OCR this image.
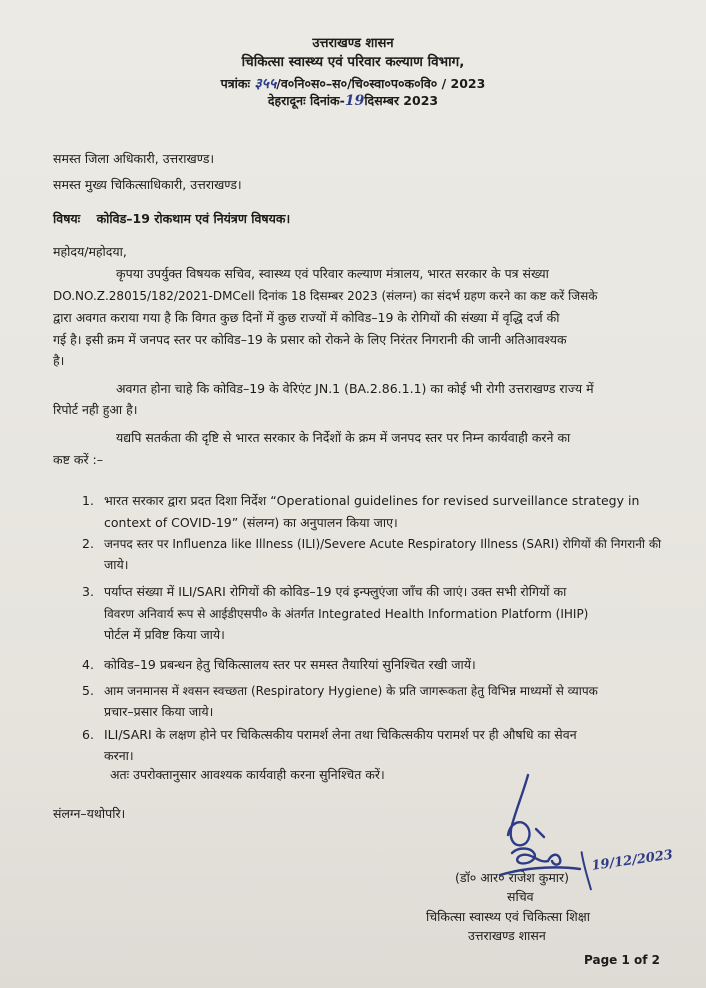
उत्तराखण्ड शासन
चिकित्सा स्वास्थ्य एवं परिवार कल्याण विभाग,
पत्रांकः ३५५/व०नि०स०–स०/चि०स्वा०प०क०वि० / 2023
देहरादूनः दिनांक-19दिसम्बर 2023
समस्त जिला अधिकारी, उत्तराखण्ड।
समस्त मुख्य चिकित्साधिकारी, उत्तराखण्ड।
विषयः कोविड–19 रोकथाम एवं नियंत्रण विषयक।
महोदय/महोदया,
कृपया उपर्युक्त विषयक सचिव, स्वास्थ्य एवं परिवार कल्याण मंत्रालय, भारत सरकार के पत्र संख्या
DO.NO.Z.28015/182/2021-DMCell दिनांक 18 दिसम्बर 2023 (संलग्न) का संदर्भ ग्रहण करने का कष्ट करें जिसके
द्वारा अवगत कराया गया है कि विगत कुछ दिनों में कुछ राज्यों में कोविड–19 के रोगियों की संख्या में वृद्धि दर्ज की
गई है। इसी क्रम में जनपद स्तर पर कोविड–19 के प्रसार को रोकने के लिए निरंतर निगरानी की जानी अतिआवश्यक
है।
अवगत होना चाहे कि कोविड–19 के वेरिएंट JN.1 (BA.2.86.1.1) का कोई भी रोगी उत्तराखण्ड राज्य में
रिपोर्ट नही हुआ है।
यद्यपि सतर्कता की दृष्टि से भारत सरकार के निर्देशों के क्रम में जनपद स्तर पर निम्न कार्यवाही करने का
कष्ट करें :–
1. भारत सरकार द्वारा प्रदत दिशा निर्देश “Operational guidelines for revised surveillance strategy in
context of COVID-19” (संलग्न) का अनुपालन किया जाए।
2. जनपद स्तर पर Influenza like Illness (ILI)/Severe Acute Respiratory Illness (SARI) रोगियों की निगरानी की
जाये।
3. पर्याप्त संख्या में ILI/SARI रोगियों की कोविड–19 एवं इन्फ्लुएंजा जाँच की जाएं। उक्त सभी रोगियों का
विवरण अनिवार्य रूप से आईडीएसपी० के अंतर्गत Integrated Health Information Platform (IHIP)
पोर्टल में प्रविष्ट किया जाये।
4. कोविड–19 प्रबन्धन हेतु चिकित्सालय स्तर पर समस्त तैयारियां सुनिश्चित रखी जायें।
5. आम जनमानस में श्वसन स्वच्छता (Respiratory Hygiene) के प्रति जागरूकता हेतु विभिन्न माध्यमों से व्यापक
प्रचार–प्रसार किया जाये।
6. ILI/SARI के लक्षण होने पर चिकित्सकीय परामर्श लेना तथा चिकित्सकीय परामर्श पर ही औषधि का सेवन
करना।
अतः उपरोक्तानुसार आवश्यक कार्यवाही करना सुनिश्चित करें।
संलग्न–यथोपरि।
(डॉ० आर० राजेश कुमार)
सचिव
चिकित्सा स्वास्थ्य एवं चिकित्सा शिक्षा
उत्तराखण्ड शासन
19/12/2023
Page 1 of 2
